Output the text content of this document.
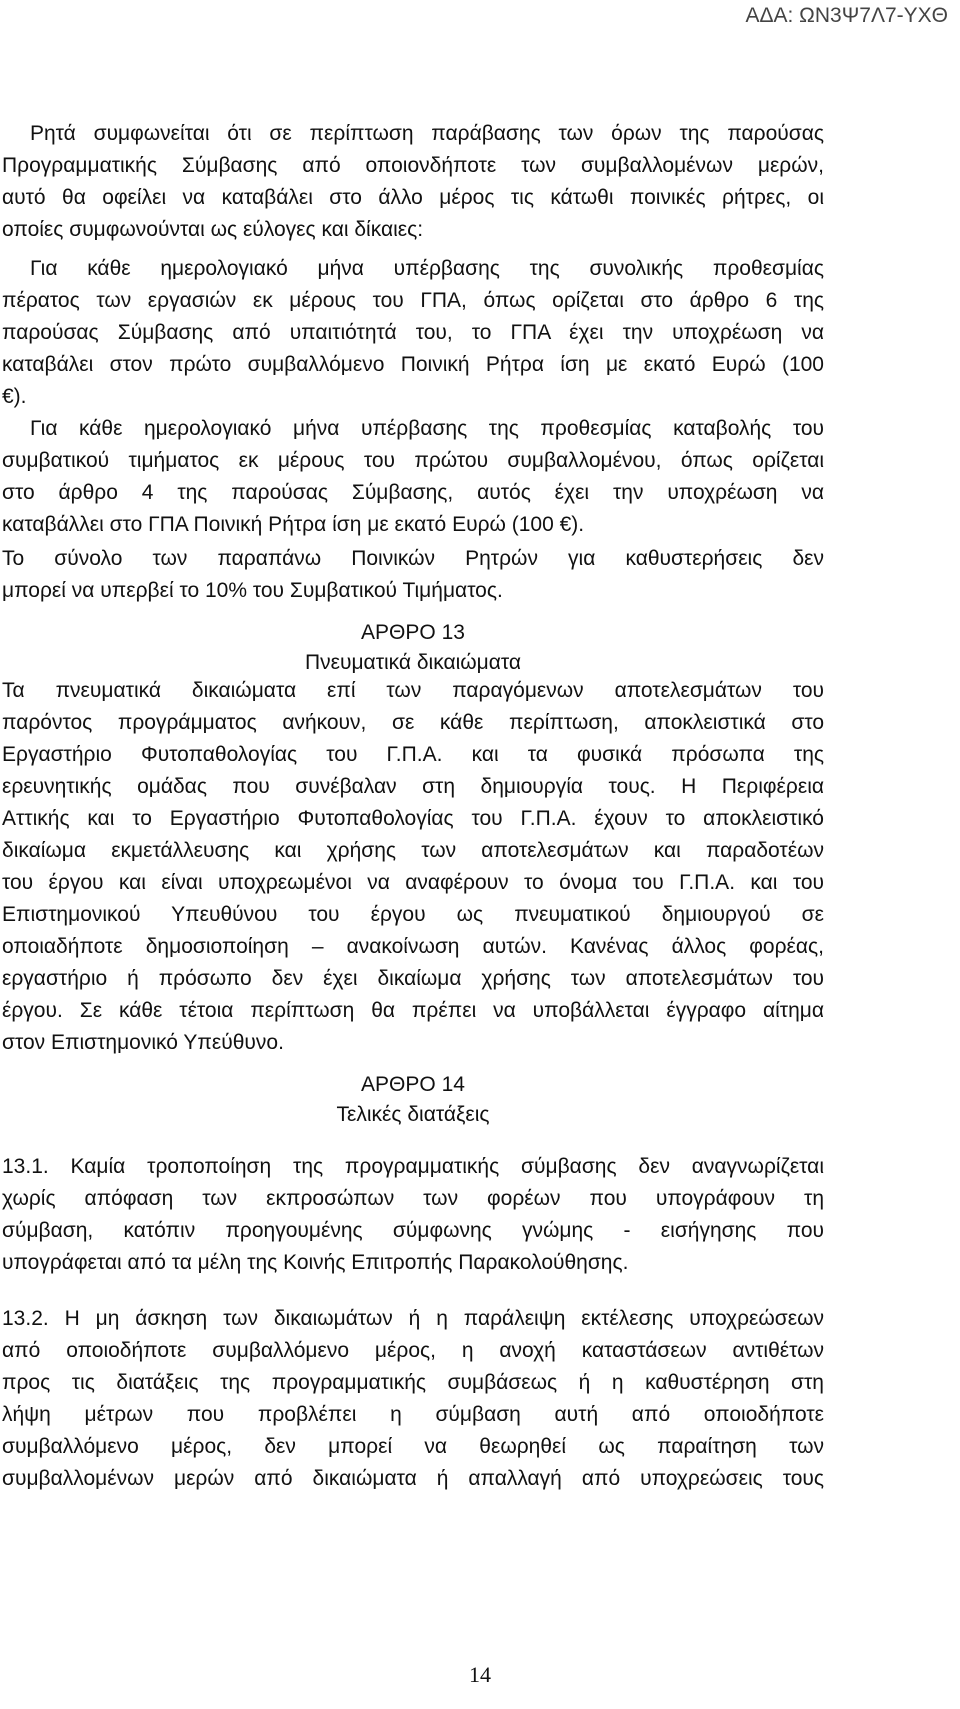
ΑΔΑ: ΩΝ3Ψ7Λ7-ΥΧΘ
Ρητά συμφωνείται ότι σε περίπτωση παράβασης των όρων της παρούσας
Προγραμματικής Σύμβασης από οποιονδήποτε των συμβαλλομένων μερών,
αυτό θα οφείλει να καταβάλει στο άλλο μέρος τις κάτωθι ποινικές ρήτρες, οι
οποίες συμφωνούνται ως εύλογες και δίκαιες:
Για κάθε ημερολογιακό μήνα υπέρβασης της συνολικής προθεσμίας
πέρατος των εργασιών εκ μέρους του ΓΠΑ, όπως ορίζεται στο άρθρο 6 της
παρούσας Σύμβασης από υπαιτιότητά του, το ΓΠΑ έχει την υποχρέωση να
καταβάλει στον πρώτο συμβαλλόμενο Ποινική Ρήτρα ίση με εκατό Ευρώ (100
€).
Για κάθε ημερολογιακό μήνα υπέρβασης της προθεσμίας καταβολής του
συμβατικού τιμήματος εκ μέρους του πρώτου συμβαλλομένου, όπως ορίζεται
στο άρθρο 4 της παρούσας Σύμβασης, αυτός έχει την υποχρέωση να
καταβάλλει στο ΓΠΑ Ποινική Ρήτρα ίση με εκατό Ευρώ (100 €).
Το σύνολο των παραπάνω Ποινικών Ρητρών για καθυστερήσεις δεν
μπορεί να υπερβεί το 10% του Συμβατικού Τιμήματος.
ΑΡΘΡΟ 13
Πνευματικά δικαιώματα
Τα πνευματικά δικαιώματα επί των παραγόμενων αποτελεσμάτων του
παρόντος προγράμματος ανήκουν, σε κάθε περίπτωση, αποκλειστικά στο
Εργαστήριο Φυτοπαθολογίας του Γ.Π.Α. και τα φυσικά πρόσωπα της
ερευνητικής ομάδας που συνέβαλαν στη δημιουργία τους. Η Περιφέρεια
Αττικής και το Εργαστήριο Φυτοπαθολογίας του Γ.Π.Α. έχουν το αποκλειστικό
δικαίωμα εκμετάλλευσης και χρήσης των αποτελεσμάτων και παραδοτέων
του έργου και είναι υποχρεωμένοι να αναφέρουν το όνομα του Γ.Π.Α. και του
Επιστημονικού Υπευθύνου του έργου ως πνευματικού δημιουργού σε
οποιαδήποτε δημοσιοποίηση – ανακοίνωση αυτών. Κανένας άλλος φορέας,
εργαστήριο ή πρόσωπο δεν έχει δικαίωμα χρήσης των αποτελεσμάτων του
έργου. Σε κάθε τέτοια περίπτωση θα πρέπει να υποβάλλεται έγγραφο αίτημα
στον Επιστημονικό Υπεύθυνο.
ΑΡΘΡΟ 14
Τελικές διατάξεις
13.1. Καμία τροποποίηση της προγραμματικής σύμβασης δεν αναγνωρίζεται
χωρίς απόφαση των εκπροσώπων των φορέων που υπογράφουν τη
σύμβαση, κατόπιν προηγουμένης σύμφωνης γνώμης - εισήγησης που
υπογράφεται από τα μέλη της Κοινής Επιτροπής Παρακολούθησης.
13.2. Η μη άσκηση των δικαιωμάτων ή η παράλειψη εκτέλεσης υποχρεώσεων
από οποιοδήποτε συμβαλλόμενο μέρος, η ανοχή καταστάσεων αντιθέτων
προς τις διατάξεις της προγραμματικής συμβάσεως ή η καθυστέρηση στη
λήψη μέτρων που προβλέπει η σύμβαση αυτή από οποιοδήποτε
συμβαλλόμενο μέρος, δεν μπορεί να θεωρηθεί ως παραίτηση των
συμβαλλομένων μερών από δικαιώματα ή απαλλαγή από υποχρεώσεις τους
14
